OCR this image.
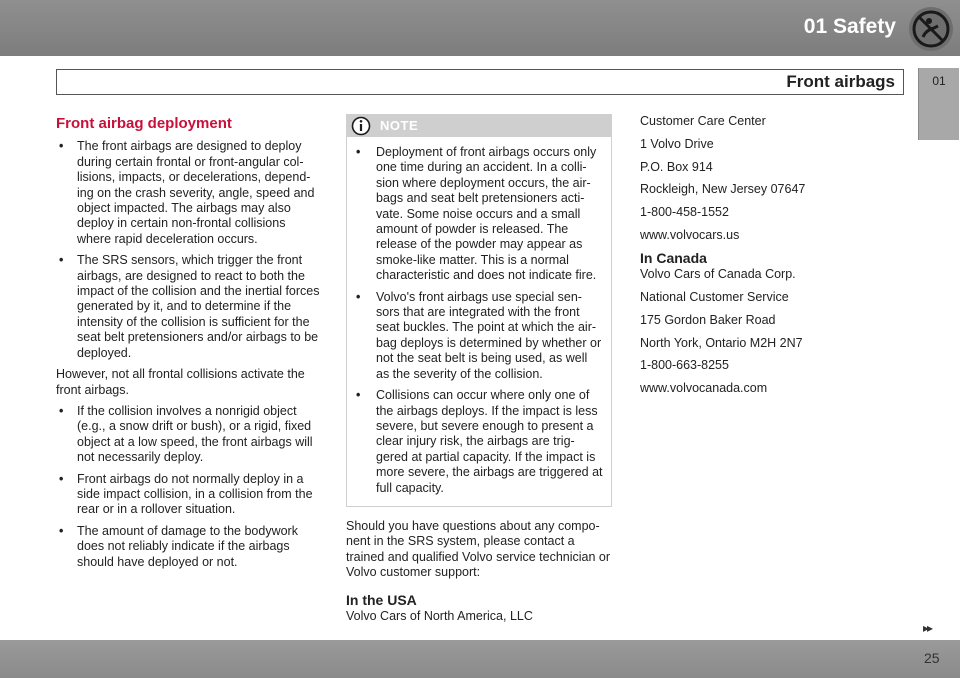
01 Safety
Front airbags	01
Front airbag deployment
• The front airbags are designed to deploy during certain frontal or front-angular col-lisions, impacts, or decelerations, depend-ing on the crash severity, angle, speed and object impacted. The airbags may also deploy in certain non-frontal collisions where rapid deceleration occurs.
• The SRS sensors, which trigger the front airbags, are designed to react to both the impact of the collision and the inertial forces generated by it, and to determine if the intensity of the collision is sufficient for the seat belt pretensioners and/or airbags to be deployed.

However, not all frontal collisions activate the front airbags.

• If the collision involves a nonrigid object (e.g., a snow drift or bush), or a rigid, fixed object at a low speed, the front airbags will not necessarily deploy.
• Front airbags do not normally deploy in a side impact collision, in a collision from the rear or in a rollover situation.
• The amount of damage to the bodywork does not reliably indicate if the airbags should have deployed or not.
NOTE
• Deployment of front airbags occurs only one time during an accident. In a colli-sion where deployment occurs, the air-bags and seat belt pretensioners acti-vate. Some noise occurs and a small amount of powder is released. The release of the powder may appear as smoke-like matter. This is a normal characteristic and does not indicate fire.
• Volvo's front airbags use special sen-sors that are integrated with the front seat buckles. The point at which the air-bag deploys is determined by whether or not the seat belt is being used, as well as the severity of the collision.
• Collisions can occur where only one of the airbags deploys. If the impact is less severe, but severe enough to present a clear injury risk, the airbags are trig-gered at partial capacity. If the impact is more severe, the airbags are triggered at full capacity.

Should you have questions about any compo-nent in the SRS system, please contact a trained and qualified Volvo service technician or Volvo customer support:

In the USA

Volvo Cars of North America, LLC

Customer Care Center

1 Volvo Drive

P.O. Box 914

Rockleigh, New Jersey 07647

1-800-458-1552

www.volvocars.us

In Canada

Volvo Cars of Canada Corp.

National Customer Service

175 Gordon Baker Road

North York, Ontario M2H 2N7

1-800-663-8255

www.volvocanada.com

▸▸
25
